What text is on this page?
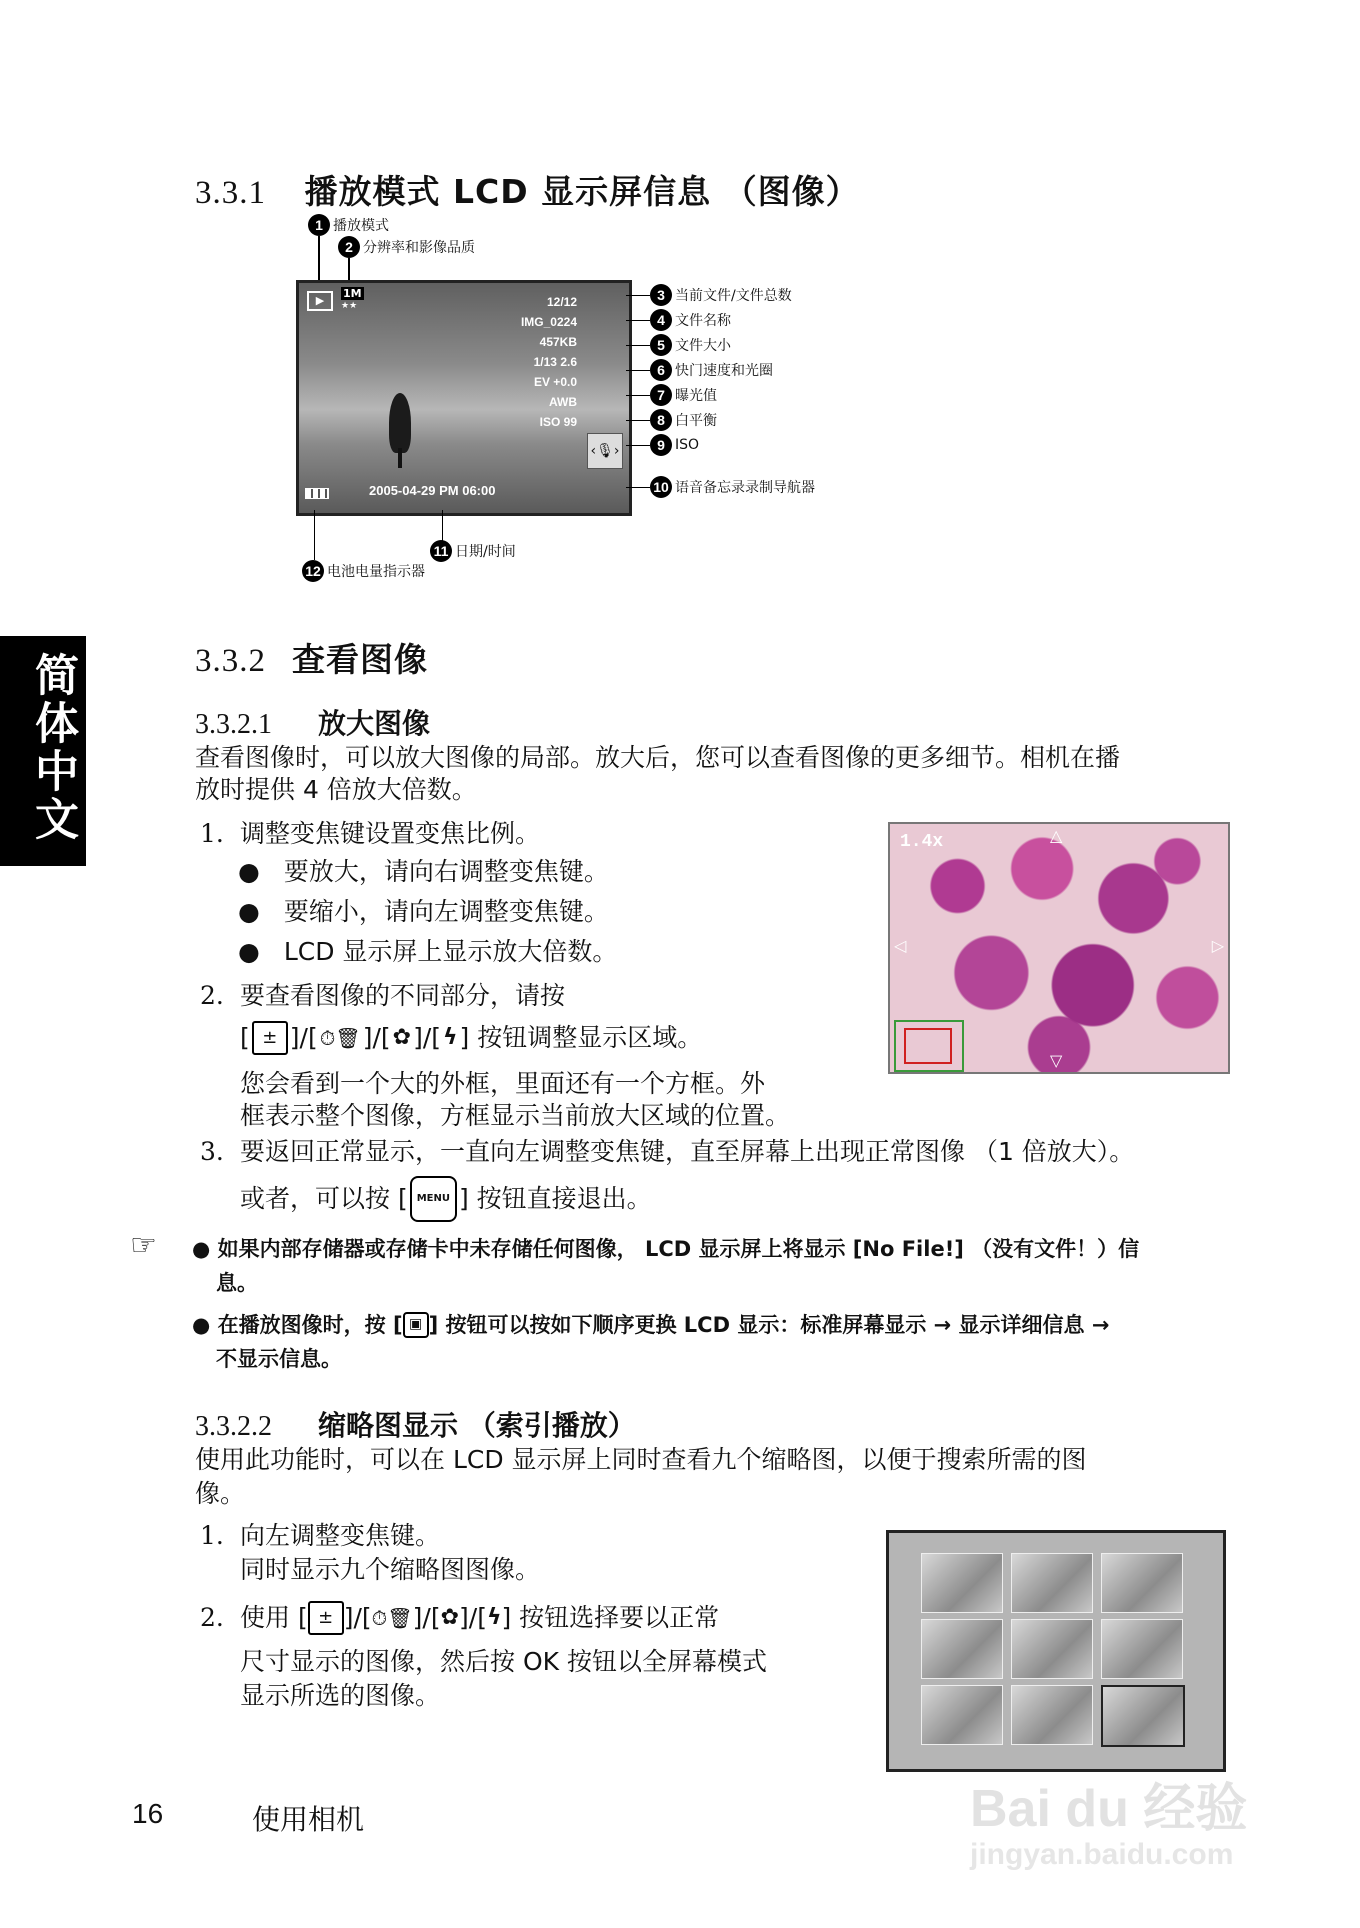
简体中文
3.3.1 播放模式 LCD 显示屏信息 （图像）
▶
1M
★★	12/12
IMG_0224
457KB
1/13 2.6
EV +0.0
AWB
ISO 99
‹🎙›
2005-04-29 PM 06:00
1 播放模式
2 分辨率和影像品质
3 当前文件/文件总数
4 文件名称
5 文件大小
6 快门速度和光圈
7 曝光值
8 白平衡
9 ISO
10 语音备忘录录制导航器
11 日期/时间
12 电池电量指示器
3.3.2 查看图像
3.3.2.1 放大图像
查看图像时，可以放大图像的局部。放大后，您可以查看图像的更多细节。相机在播
放时提供 4 倍放大倍数。
1. 调整变焦键设置变焦比例。
● 要放大，请向右调整变焦键。
● 要缩小，请向左调整变焦键。
● LCD 显示屏上显示放大倍数。
2. 要查看图像的不同部分，请按
[ ± ]/[ ⏱🗑 ]/[ ✿ ]/[ ϟ ] 按钮调整显示区域。
您会看到一个大的外框，里面还有一个方框。外
框表示整个图像，方框显示当前放大区域的位置。
3. 要返回正常显示，一直向左调整变焦键，直至屏幕上出现正常图像 （1 倍放大）。
或者，可以按 [ MENU ] 按钮直接退出。
1.4x	△
▽
◁	▷
☞ ● 如果内部存储器或存储卡中未存储任何图像， LCD 显示屏上将显示 [No File!] （没有文件！）信
息。
● 在播放图像时，按 [ ▣ ] 按钮可以按如下顺序更换 LCD 显示：标准屏幕显示 → 显示详细信息 →
不显示信息。
3.3.2.2 缩略图显示 （索引播放）
使用此功能时，可以在 LCD 显示屏上同时查看九个缩略图，以便于搜索所需的图
像。
1. 向左调整变焦键。
同时显示九个缩略图图像。
2. 使用 [ ± ]/[ ⏱🗑 ]/[ ✿ ]/[ ϟ ] 按钮选择要以正常
尺寸显示的图像，然后按 OK 按钮以全屏幕模式
显示所选的图像。
16	使用相机	Bai du 经验
jingyan.baidu.com
